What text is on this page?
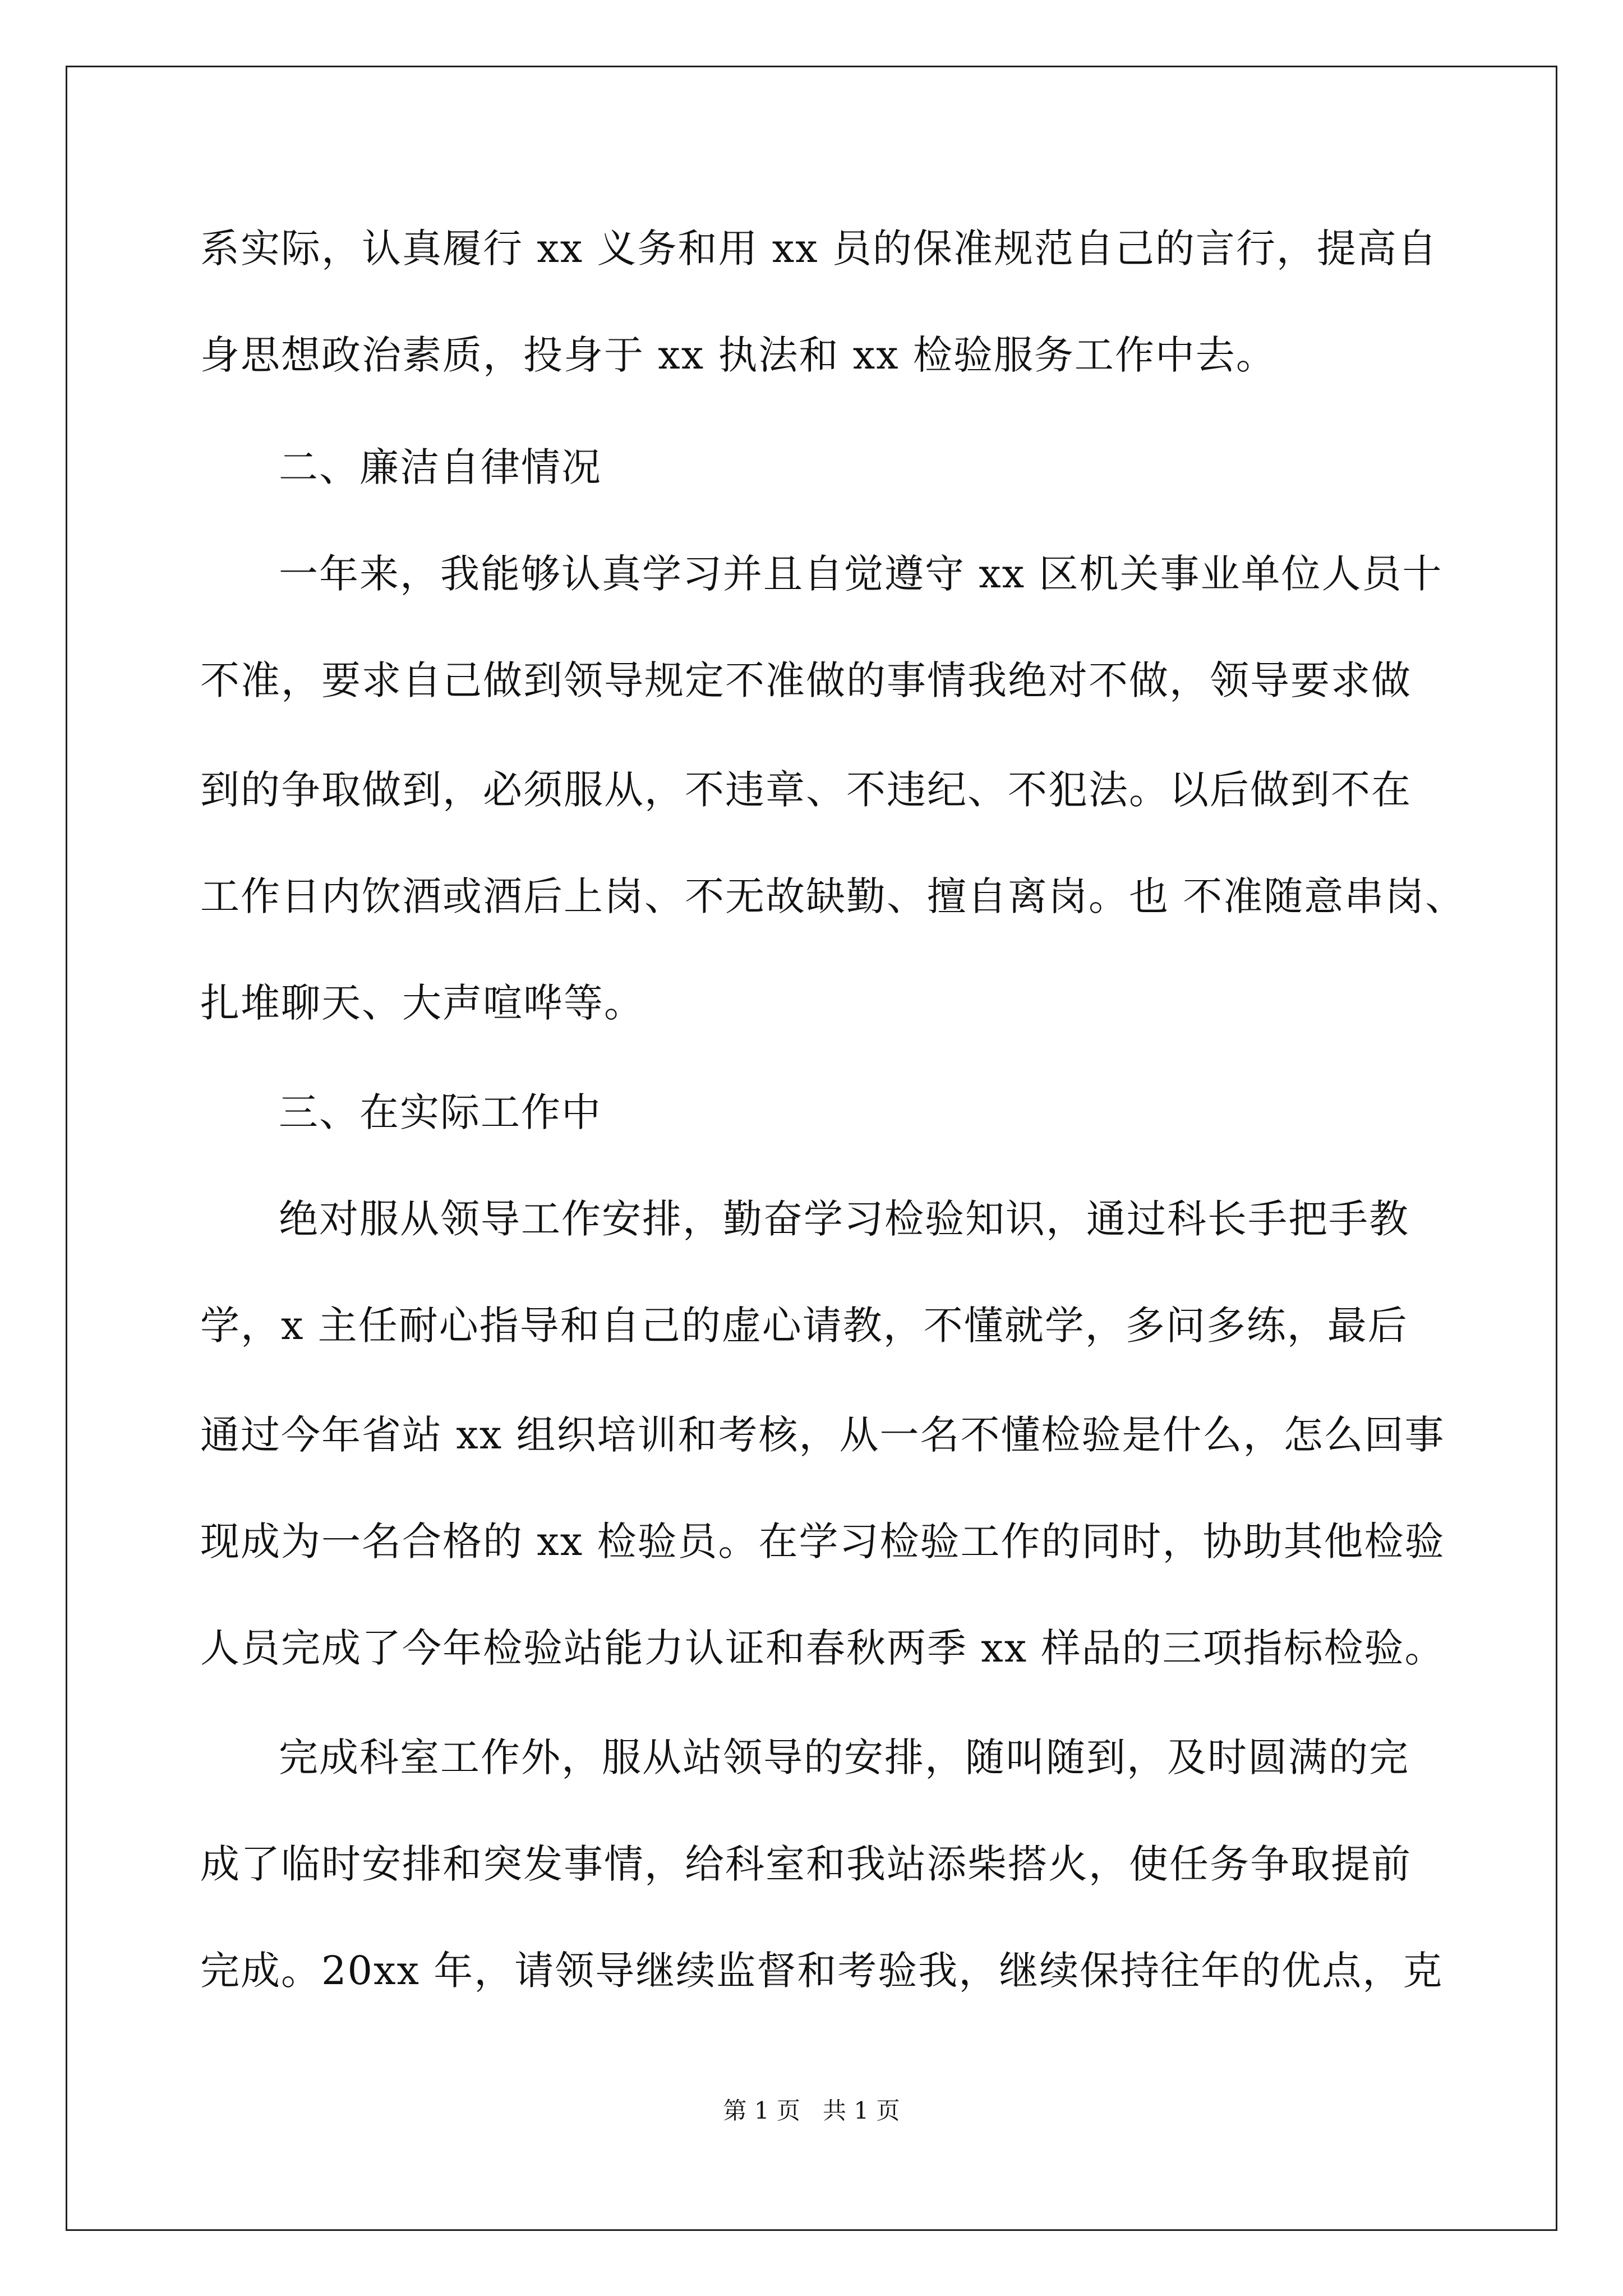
系实际，认真履行 xx 义务和用 xx 员的保准规范自己的言行，提高自
身思想政治素质，投身于 xx 执法和 xx 检验服务工作中去。
二、廉洁自律情况
一年来，我能够认真学习并且自觉遵守 xx 区机关事业单位人员十
不准，要求自己做到领导规定不准做的事情我绝对不做，领导要求做
到的争取做到，必须服从，不违章、不违纪、不犯法。以后做到不在
工作日内饮酒或酒后上岗、不无故缺勤、擅自离岗。也 不准随意串岗、
扎堆聊天、大声喧哗等。
三、在实际工作中
绝对服从领导工作安排，勤奋学习检验知识，通过科长手把手教
学，x 主任耐心指导和自己的虚心请教，不懂就学，多问多练，最后
通过今年省站 xx 组织培训和考核，从一名不懂检验是什么，怎么回事
现成为一名合格的 xx 检验员。在学习检验工作的同时，协助其他检验
人员完成了今年检验站能力认证和春秋两季 xx 样品的三项指标检验。
完成科室工作外，服从站领导的安排，随叫随到，及时圆满的完
成了临时安排和突发事情，给科室和我站添柴搭火，使任务争取提前
完成。20xx 年，请领导继续监督和考验我，继续保持往年的优点，克
第 1 页   共 1 页
